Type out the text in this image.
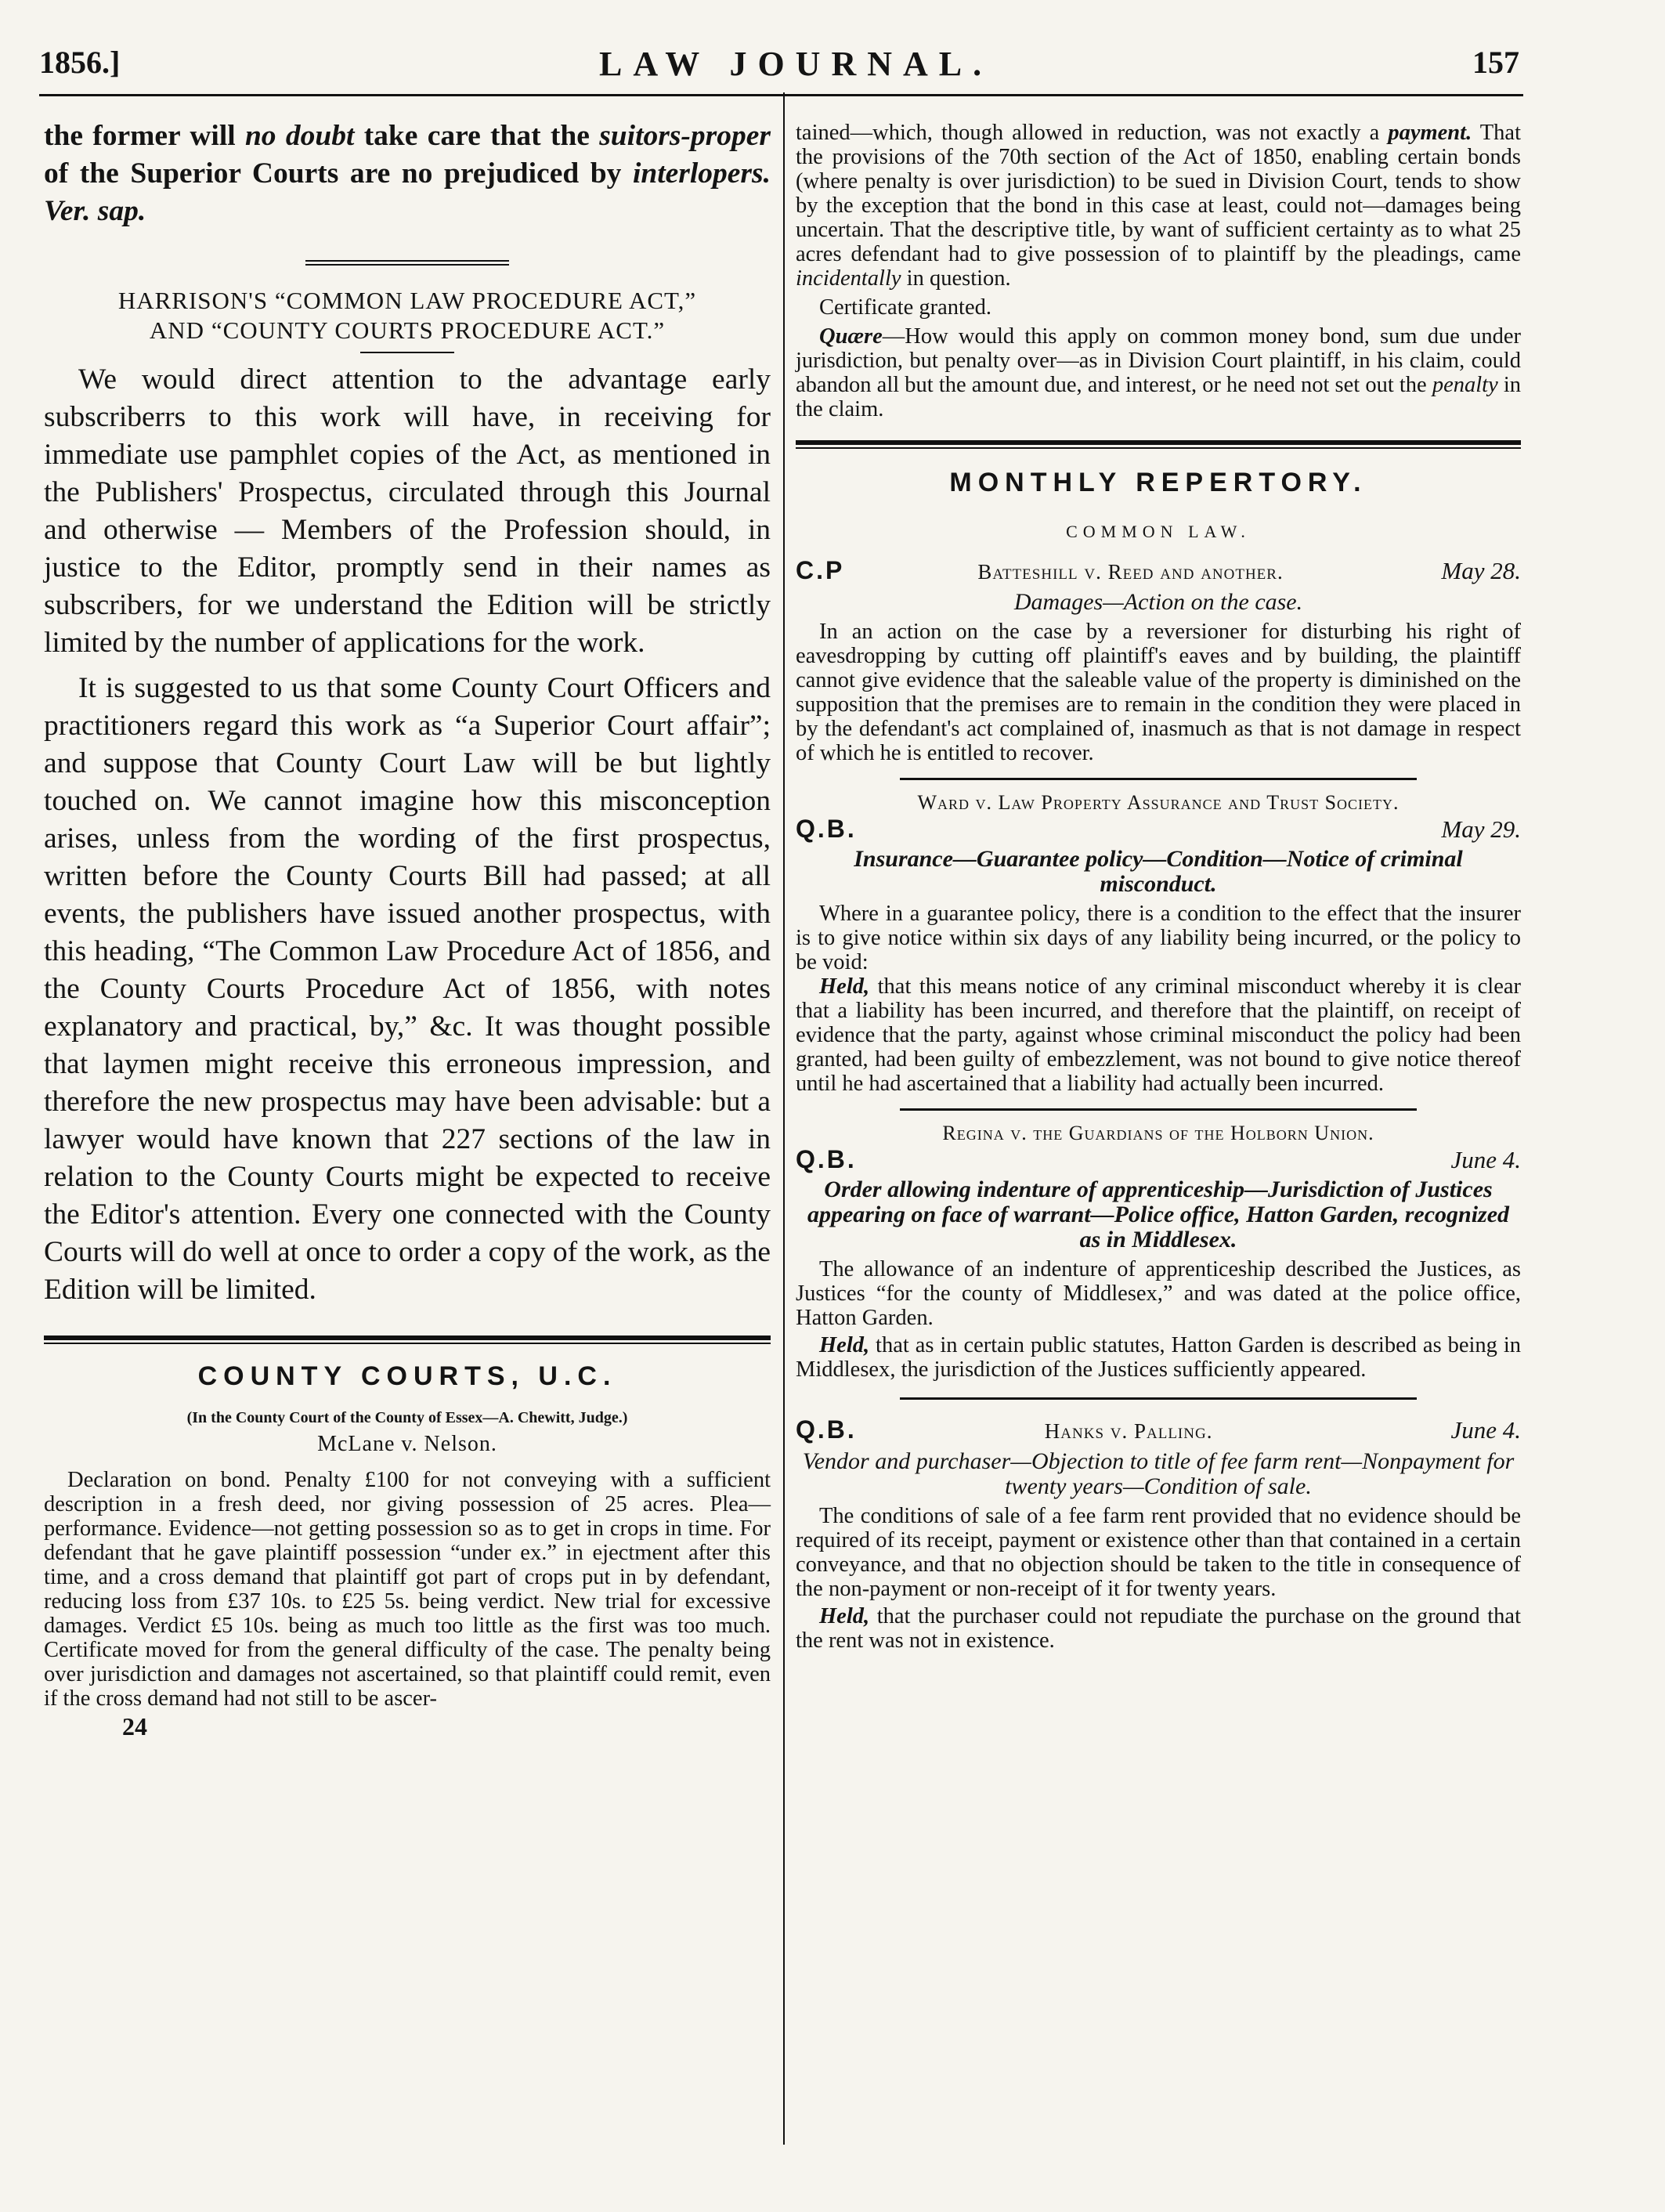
1856.]	LAW JOURNAL.	157

the former will no doubt take care that the suitors-proper of the Superior Courts are no prejudiced by interlopers. Ver. sap.

HARRISON'S “COMMON LAW PROCEDURE ACT,”
AND “COUNTY COURTS PROCEDURE ACT.”

We would direct attention to the advantage early subscriberrs to this work will have, in receiving for immediate use pamphlet copies of the Act, as mentioned in the Publishers' Prospectus, circulated through this Journal and otherwise — Members of the Profession should, in justice to the Editor, promptly send in their names as subscribers, for we understand the Edition will be strictly limited by the number of applications for the work.

It is suggested to us that some County Court Officers and practitioners regard this work as “a Superior Court affair”; and suppose that County Court Law will be but lightly touched on. We cannot imagine how this misconception arises, unless from the wording of the first prospectus, written before the County Courts Bill had passed; at all events, the publishers have issued another prospectus, with this heading, “The Common Law Procedure Act of 1856, and the County Courts Procedure Act of 1856, with notes explanatory and practical, by,” &c. It was thought possible that laymen might receive this erroneous impression, and therefore the new prospectus may have been advisable: but a lawyer would have known that 227 sections of the law in relation to the County Courts might be expected to receive the Editor's attention. Every one connected with the County Courts will do well at once to order a copy of the work, as the Edition will be limited.

COUNTY COURTS, U.C.
(In the County Court of the County of Essex—A. Chewitt, Judge.)
McLane v. Nelson.

Declaration on bond. Penalty £100 for not conveying with a sufficient description in a fresh deed, nor giving possession of 25 acres. Plea—performance. Evidence—not getting possession so as to get in crops in time. For defendant that he gave plaintiff possession “under ex.” in ejectment after this time, and a cross demand that plaintiff got part of crops put in by defendant, reducing loss from £37 10s. to £25 5s. being verdict. New trial for excessive damages. Verdict £5 10s. being as much too little as the first was too much. Certificate moved for from the general difficulty of the case. The penalty being over jurisdiction and damages not ascertained, so that plaintiff could remit, even if the cross demand had not still to be ascer-

24

tained—which, though allowed in reduction, was not exactly a payment. That the provisions of the 70th section of the Act of 1850, enabling certain bonds (where penalty is over jurisdiction) to be sued in Division Court, tends to show by the exception that the bond in this case at least, could not—damages being uncertain. That the descriptive title, by want of sufficient certainty as to what 25 acres defendant had to give possession of to plaintiff by the pleadings, came incidentally in question.

Certificate granted.

Quære—How would this apply on common money bond, sum due under jurisdiction, but penalty over—as in Division Court plaintiff, in his claim, could abandon all but the amount due, and interest, or he need not set out the penalty in the claim.

MONTHLY REPERTORY.
COMMON LAW.
C.P	Batteshill v. Reed and another.	May 28.
Damages—Action on the case.

In an action on the case by a reversioner for disturbing his right of eavesdropping by cutting off plaintiff's eaves and by building, the plaintiff cannot give evidence that the saleable value of the property is diminished on the supposition that the premises are to remain in the condition they were placed in by the defendant's act complained of, inasmuch as that is not damage in respect of which he is entitled to recover.

Ward v. Law Property Assurance and Trust Society.
Q.B.	May 29.
Insurance—Guarantee policy—Condition—Notice of criminal misconduct.

Where in a guarantee policy, there is a condition to the effect that the insurer is to give notice within six days of any liability being incurred, or the policy to be void:

Held, that this means notice of any criminal misconduct whereby it is clear that a liability has been incurred, and therefore that the plaintiff, on receipt of evidence that the party, against whose criminal misconduct the policy had been granted, had been guilty of embezzlement, was not bound to give notice thereof until he had ascertained that a liability had actually been incurred.

Regina v. the Guardians of the Holborn Union.
Q.B.	June 4.
Order allowing indenture of apprenticeship—Jurisdiction of Justices appearing on face of warrant—Police office, Hatton Garden, recognized as in Middlesex.

The allowance of an indenture of apprenticeship described the Justices, as Justices “for the county of Middlesex,” and was dated at the police office, Hatton Garden.

Held, that as in certain public statutes, Hatton Garden is described as being in Middlesex, the jurisdiction of the Justices sufficiently appeared.

Q.B.	Hanks v. Palling.	June 4.
Vendor and purchaser—Objection to title of fee farm rent—Nonpayment for twenty years—Condition of sale.

The conditions of sale of a fee farm rent provided that no evidence should be required of its receipt, payment or existence other than that contained in a certain conveyance, and that no objection should be taken to the title in consequence of the non-payment or non-receipt of it for twenty years.

Held, that the purchaser could not repudiate the purchase on the ground that the rent was not in existence.
